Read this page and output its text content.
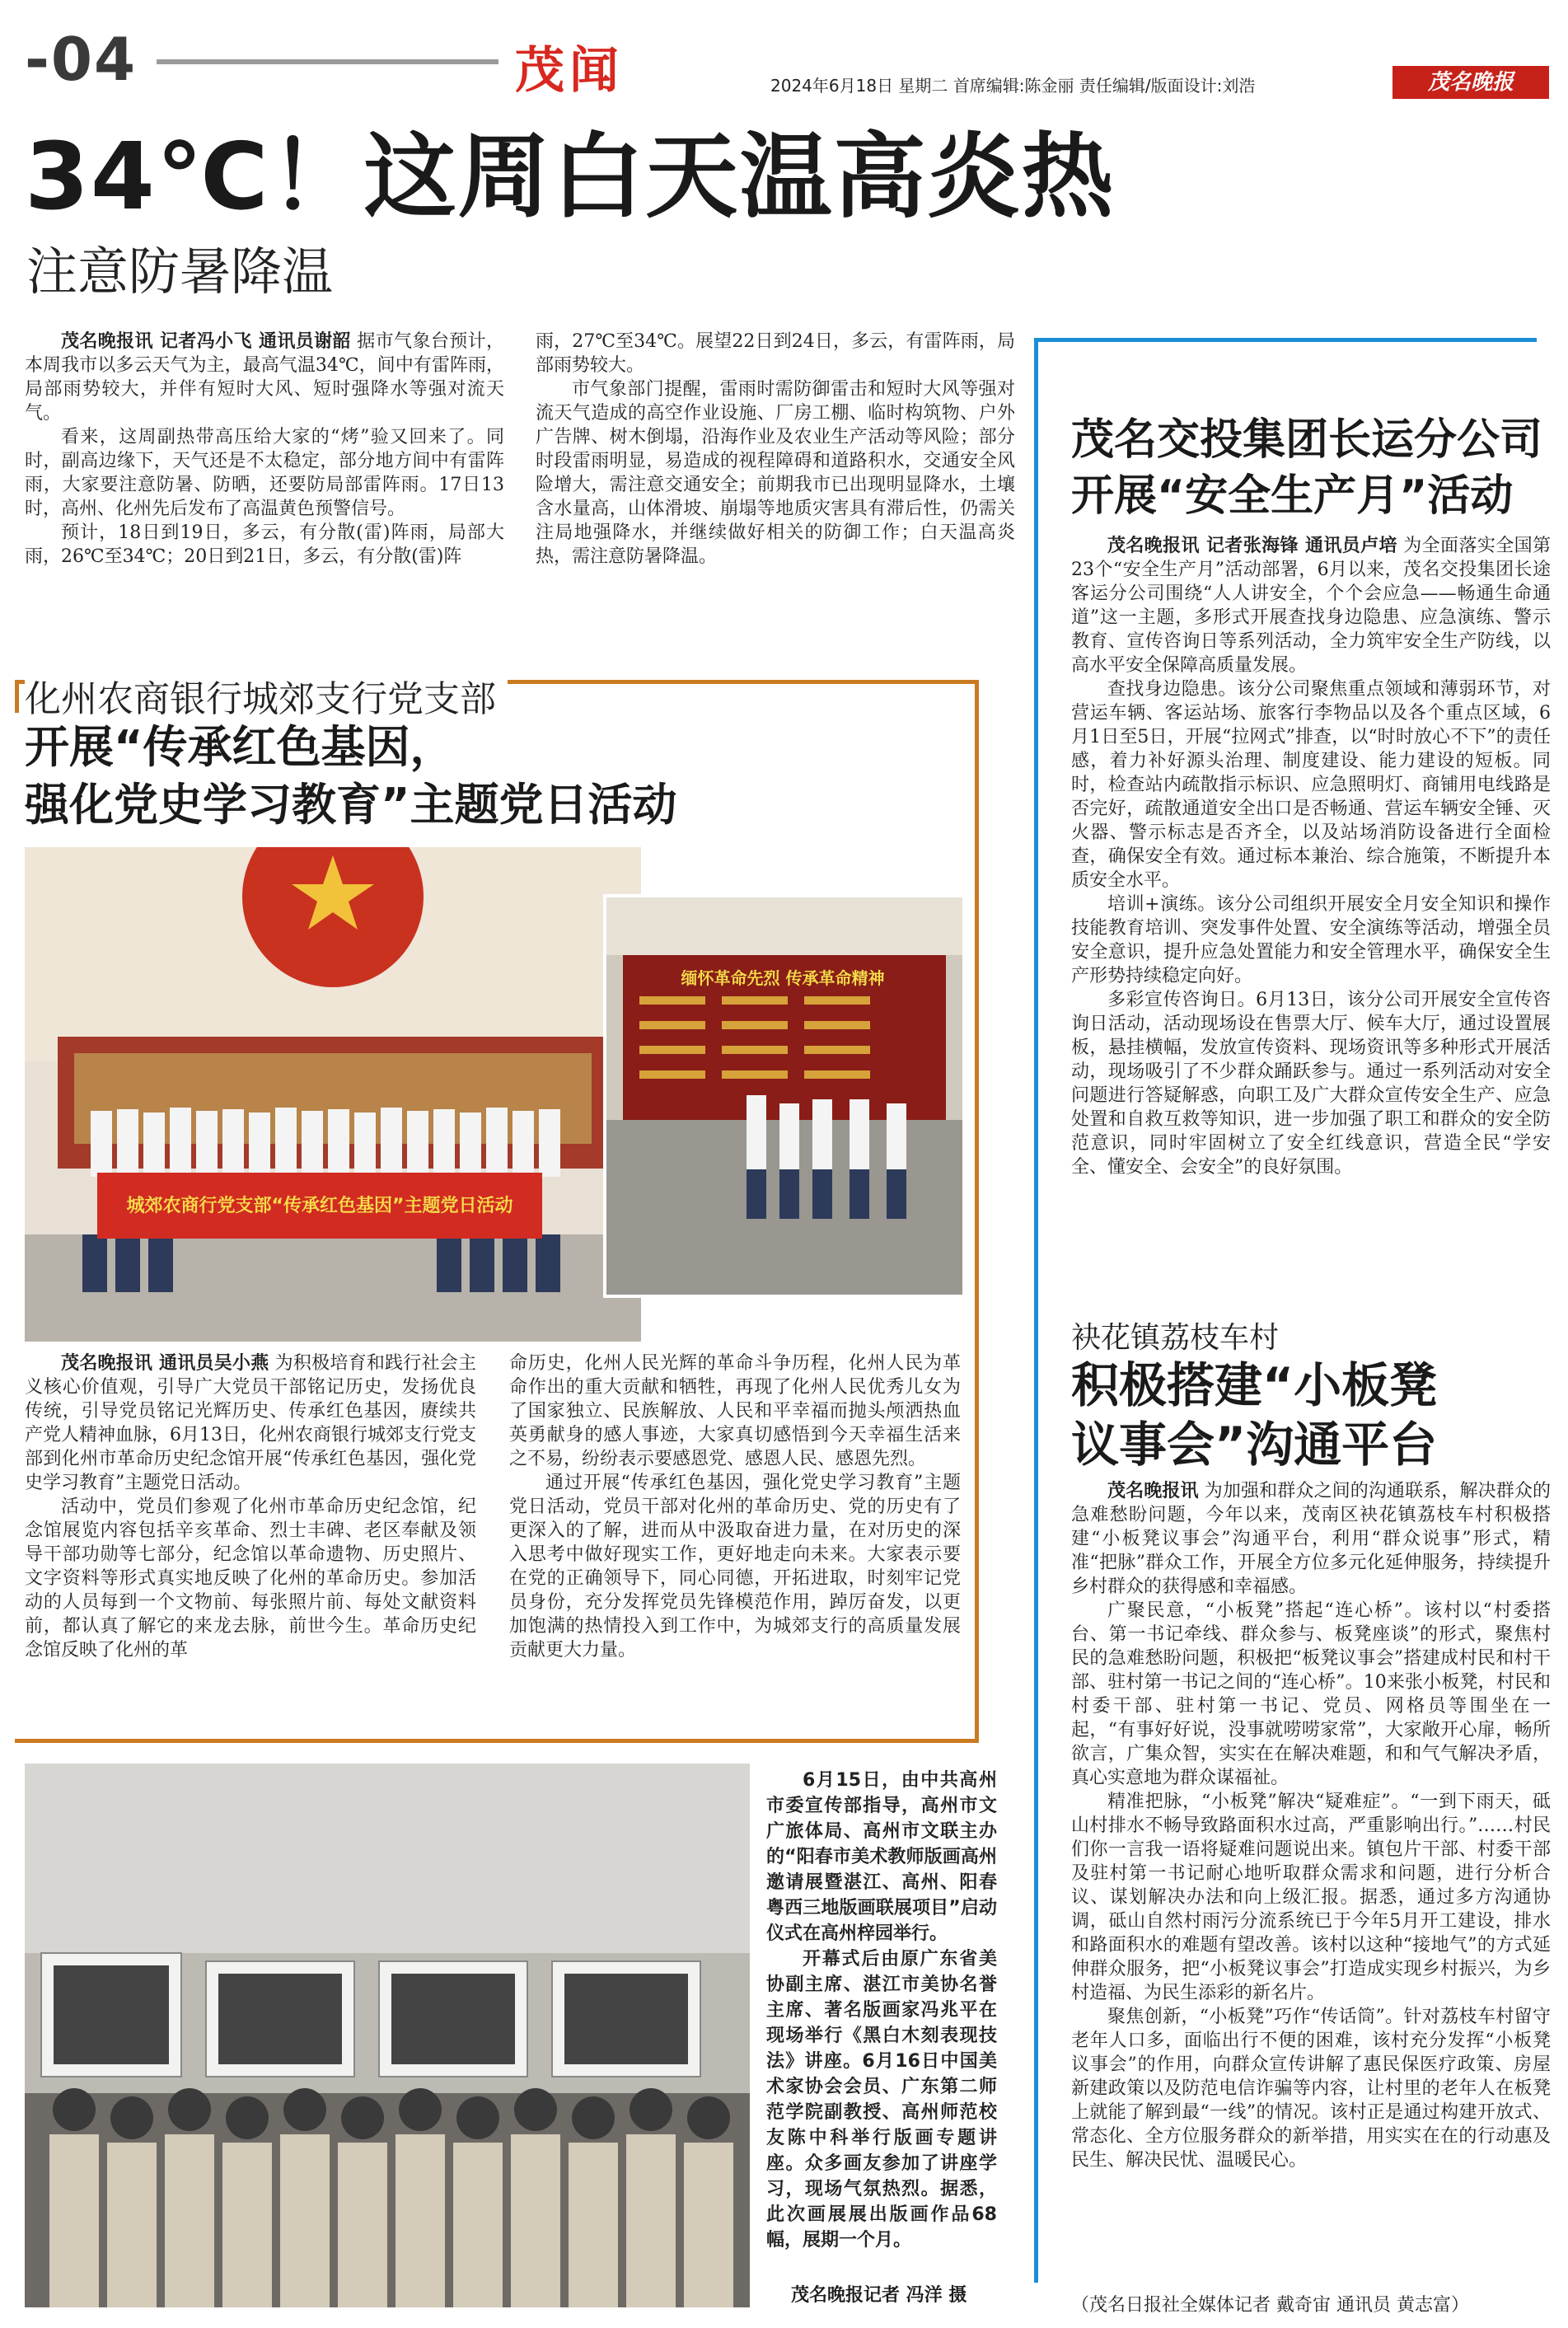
-04	茂闻	2024年6月18日 星期二 首席编辑:陈金丽 责任编辑/版面设计:刘浩	茂名晚报
34℃！这周白天温高炎热
注意防暑降温

茂名晚报讯 记者冯小飞 通讯员谢韶 据市气象台预计，本周我市以多云天气为主，最高气温34℃，间中有雷阵雨，局部雨势较大，并伴有短时大风、短时强降水等强对流天气。

看来，这周副热带高压给大家的“烤”验又回来了。同时，副高边缘下，天气还是不太稳定，部分地方间中有雷阵雨，大家要注意防暑、防晒，还要防局部雷阵雨。17日13时，高州、化州先后发布了高温黄色预警信号。

预计，18日到19日，多云，有分散(雷)阵雨，局部大雨，26℃至34℃；20日到21日，多云，有分散(雷)阵

雨，27℃至34℃。展望22日到24日，多云，有雷阵雨，局部雨势较大。

市气象部门提醒，雷雨时需防御雷击和短时大风等强对流天气造成的高空作业设施、厂房工棚、临时构筑物、户外广告牌、树木倒塌，沿海作业及农业生产活动等风险；部分时段雷雨明显，易造成的视程障碍和道路积水，交通安全风险增大，需注意交通安全；前期我市已出现明显降水，土壤含水量高，山体滑坡、崩塌等地质灾害具有滞后性，仍需关注局地强降水，并继续做好相关的防御工作；白天温高炎热，需注意防暑降温。

化州农商银行城郊支行党支部
开展“传承红色基因，
强化党史学习教育”主题党日活动
城郊农商行党支部“传承红色基因”主题党日活动
缅怀革命先烈 传承革命精神

茂名晚报讯 通讯员吴小燕 为积极培育和践行社会主义核心价值观，引导广大党员干部铭记历史，发扬优良传统，引导党员铭记光辉历史、传承红色基因，赓续共产党人精神血脉，6月13日，化州农商银行城郊支行党支部到化州市革命历史纪念馆开展“传承红色基因，强化党史学习教育”主题党日活动。

活动中，党员们参观了化州市革命历史纪念馆，纪念馆展览内容包括辛亥革命、烈士丰碑、老区奉献及领导干部功勋等七部分，纪念馆以革命遗物、历史照片、文字资料等形式真实地反映了化州的革命历史。参加活动的人员每到一个文物前、每张照片前、每处文献资料前，都认真了解它的来龙去脉，前世今生。革命历史纪念馆反映了化州的革

命历史，化州人民光辉的革命斗争历程，化州人民为革命作出的重大贡献和牺牲，再现了化州人民优秀儿女为了国家独立、民族解放、人民和平幸福而抛头颅洒热血英勇献身的感人事迹，大家真切感悟到今天幸福生活来之不易，纷纷表示要感恩党、感恩人民、感恩先烈。

通过开展“传承红色基因，强化党史学习教育”主题党日活动，党员干部对化州的革命历史、党的历史有了更深入的了解，进而从中汲取奋进力量，在对历史的深入思考中做好现实工作，更好地走向未来。大家表示要在党的正确领导下，同心同德，开拓进取，时刻牢记党员身份，充分发挥党员先锋模范作用，踔厉奋发，以更加饱满的热情投入到工作中，为城郊支行的高质量发展贡献更大力量。

6月15日，由中共高州市委宣传部指导，高州市文广旅体局、高州市文联主办的“阳春市美术教师版画高州邀请展暨湛江、高州、阳春粤西三地版画联展项目”启动仪式在高州梓园举行。

开幕式后由原广东省美协副主席、湛江市美协名誉主席、著名版画家冯兆平在现场举行《黑白木刻表现技法》讲座。6月16日中国美术家协会会员、广东第二师范学院副教授、高州师范校友陈中科举行版画专题讲座。众多画友参加了讲座学习，现场气氛热烈。据悉，此次画展展出版画作品68幅，展期一个月。

茂名晚报记者 冯洋 摄
茂名交投集团长运分公司
开展“安全生产月”活动

茂名晚报讯 记者张海锋 通讯员卢培 为全面落实全国第23个“安全生产月”活动部署，6月以来，茂名交投集团长途客运分公司围绕“人人讲安全，个个会应急——畅通生命通道”这一主题，多形式开展查找身边隐患、应急演练、警示教育、宣传咨询日等系列活动，全力筑牢安全生产防线，以高水平安全保障高质量发展。

查找身边隐患。该分公司聚焦重点领域和薄弱环节，对营运车辆、客运站场、旅客行李物品以及各个重点区域，6月1日至5日，开展“拉网式”排查，以“时时放心不下”的责任感，着力补好源头治理、制度建设、能力建设的短板。同时，检查站内疏散指示标识、应急照明灯、商铺用电线路是否完好，疏散通道安全出口是否畅通、营运车辆安全锤、灭火器、警示标志是否齐全，以及站场消防设备进行全面检查，确保安全有效。通过标本兼治、综合施策，不断提升本质安全水平。

培训+演练。该分公司组织开展安全月安全知识和操作技能教育培训、突发事件处置、安全演练等活动，增强全员安全意识，提升应急处置能力和安全管理水平，确保安全生产形势持续稳定向好。

多彩宣传咨询日。6月13日，该分公司开展安全宣传咨询日活动，活动现场设在售票大厅、候车大厅，通过设置展板，悬挂横幅，发放宣传资料、现场资讯等多种形式开展活动，现场吸引了不少群众踊跃参与。通过一系列活动对安全问题进行答疑解惑，向职工及广大群众宣传安全生产、应急处置和自救互救等知识，进一步加强了职工和群众的安全防范意识，同时牢固树立了安全红线意识，营造全民“学安全、懂安全、会安全”的良好氛围。

袂花镇荔枝车村
积极搭建“小板凳
议事会”沟通平台

茂名晚报讯 为加强和群众之间的沟通联系，解决群众的急难愁盼问题，今年以来，茂南区袂花镇荔枝车村积极搭建“小板凳议事会”沟通平台，利用“群众说事”形式，精准“把脉”群众工作，开展全方位多元化延伸服务，持续提升乡村群众的获得感和幸福感。

广聚民意，“小板凳”搭起“连心桥”。该村以“村委搭台、第一书记牵线、群众参与、板凳座谈”的形式，聚焦村民的急难愁盼问题，积极把“板凳议事会”搭建成村民和村干部、驻村第一书记之间的“连心桥”。10来张小板凳，村民和村委干部、驻村第一书记、党员、网格员等围坐在一起，“有事好好说，没事就唠唠家常”，大家敞开心扉，畅所欲言，广集众智，实实在在解决难题，和和气气解决矛盾，真心实意地为群众谋福祉。

精准把脉，“小板凳”解决“疑难症”。“一到下雨天，砥山村排水不畅导致路面积水过高，严重影响出行。”……村民们你一言我一语将疑难问题说出来。镇包片干部、村委干部及驻村第一书记耐心地听取群众需求和问题，进行分析合议、谋划解决办法和向上级汇报。据悉，通过多方沟通协调，砥山自然村雨污分流系统已于今年5月开工建设，排水和路面积水的难题有望改善。该村以这种“接地气”的方式延伸群众服务，把“小板凳议事会”打造成实现乡村振兴，为乡村造福、为民生添彩的新名片。

聚焦创新，“小板凳”巧作“传话筒”。针对荔枝车村留守老年人口多，面临出行不便的困难，该村充分发挥“小板凳议事会”的作用，向群众宣传讲解了惠民保医疗政策、房屋新建政策以及防范电信诈骗等内容，让村里的老年人在板凳上就能了解到最“一线”的情况。该村正是通过构建开放式、常态化、全方位服务群众的新举措，用实实在在的行动惠及民生、解决民忧、温暖民心。

（茂名日报社全媒体记者 戴奇宙 通讯员 黄志富）
